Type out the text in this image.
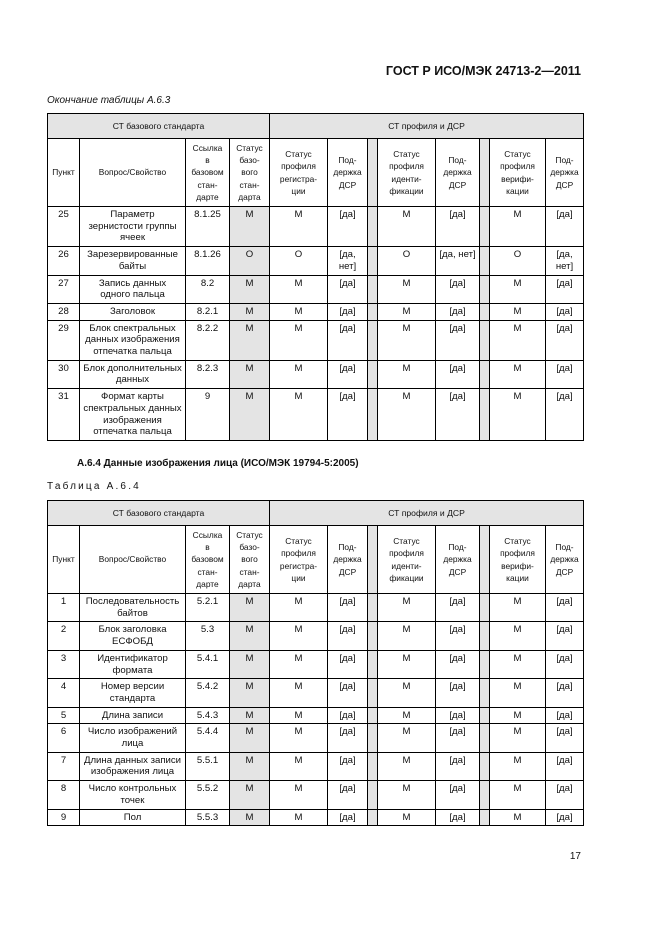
ГОСТ Р ИСО/МЭК 24713-2—2011
Окончание таблицы А.6.3
СТ базового стандарта				СТ профиля и ДСР							
Пункт	Вопрос/Свойство	Ссылка
в
базовом
стан-
дарте	Статус
базо-
вого
стан-
дарта	Статус
профиля
регистра-
ции	Под-
держка
ДСР		Статус
профиля
иденти-
фикации	Под-
держка
ДСР		Статус
профиля
верифи-
кации	Под-
держка
ДСР
25	Параметр зернистости группы ячеек	8.1.25	M	M	[да]		M	[да]		M	[да]
26	Зарезервированные байты	8.1.26	O	O	[да, нет]		O	[да, нет]		O	[да, нет]
27	Запись данных одного пальца	8.2	M	M	[да]		M	[да]		M	[да]
28	Заголовок	8.2.1	M	M	[да]		M	[да]		M	[да]
29	Блок спектральных данных изображения отпечатка пальца	8.2.2	M	M	[да]		M	[да]		M	[да]
30	Блок дополнительных данных	8.2.3	M	M	[да]		M	[да]		M	[да]
31	Формат карты спектральных данных изображения отпечатка пальца	9	M	M	[да]		M	[да]		M	[да]
А.6.4 Данные изображения лица (ИСО/МЭК 19794-5:2005)
Таблица А.6.4
СТ базового стандарта				СТ профиля и ДСР							
Пункт	Вопрос/Свойство	Ссылка
в
базовом
стан-
дарте	Статус
базо-
вого
стан-
дарта	Статус
профиля
регистра-
ции	Под-
держка
ДСР		Статус
профиля
иденти-
фикации	Под-
держка
ДСР		Статус
профиля
верифи-
кации	Под-
держка
ДСР
1	Последовательность байтов	5.2.1	M	M	[да]		M	[да]		M	[да]
2	Блок заголовка ЕСФОБД	5.3	M	M	[да]		M	[да]		M	[да]
3	Идентификатор формата	5.4.1	M	M	[да]		M	[да]		M	[да]
4	Номер версии стандарта	5.4.2	M	M	[да]		M	[да]		M	[да]
5	Длина записи	5.4.3	M	M	[да]		M	[да]		M	[да]
6	Число изображений лица	5.4.4	M	M	[да]		M	[да]		M	[да]
7	Длина данных записи изображения лица	5.5.1	M	M	[да]		M	[да]		M	[да]
8	Число контрольных точек	5.5.2	M	M	[да]		M	[да]		M	[да]
9	Пол	5.5.3	M	M	[да]		M	[да]		M	[да]
17
